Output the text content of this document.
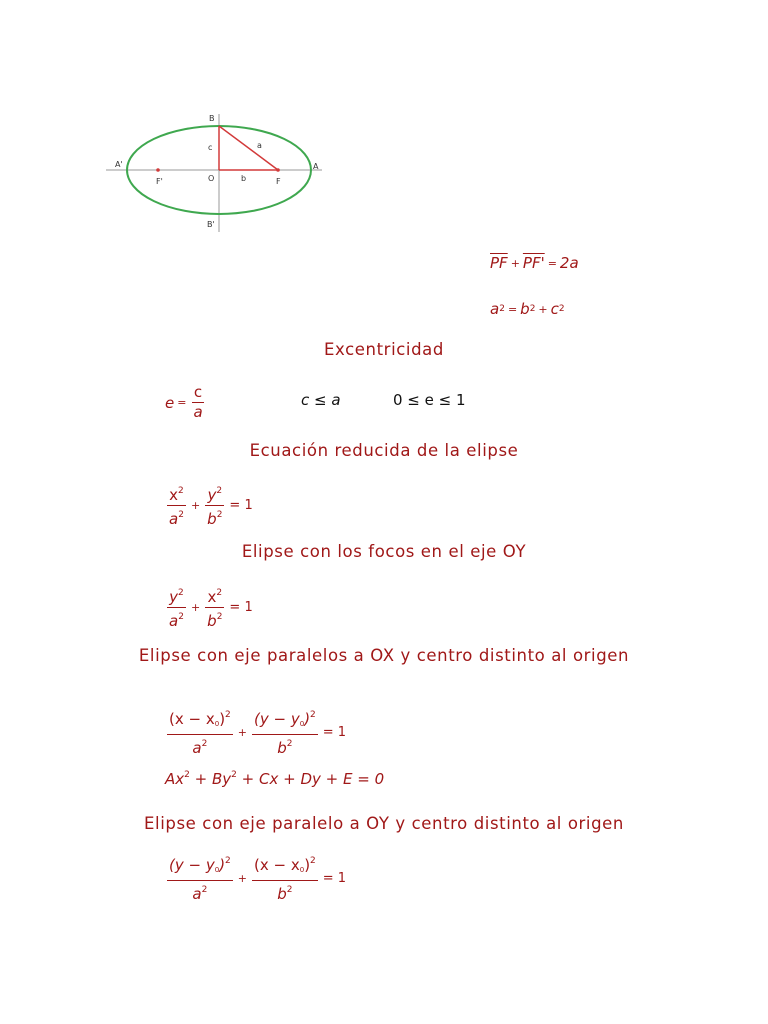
B
A'	A
c	a
F'	O	b	F
B'
$\overline{PF} + PF' = 2a$
a 2 = b 2 + c 2
Excentricidad
$e = \frac{c}{a}$	c ≤ a	0 ≤ e ≤ 1
Ecuación reducida de la elipse
$\frac{x^2}{a^2} + \frac{y^2}{b^2} = 1$
Elipse con los focos en el eje OY
$\frac{y^2}{a^2} + \frac{x^2}{b^2} = 1$
Elipse con eje paralelos a OX y centro distinto al origen
$\frac{(x - x_0)^2}{a^2} + \frac{(y - y_0)^2}{b^2} = 1$
$Ax^2 + By^2 + Cx + Dy + E = 0$
Elipse con eje paralelo a OY y centro distinto al origen
$\frac{(y - y_0)^2}{a^2} + \frac{(x - x_0)^2}{b^2} = 1$
